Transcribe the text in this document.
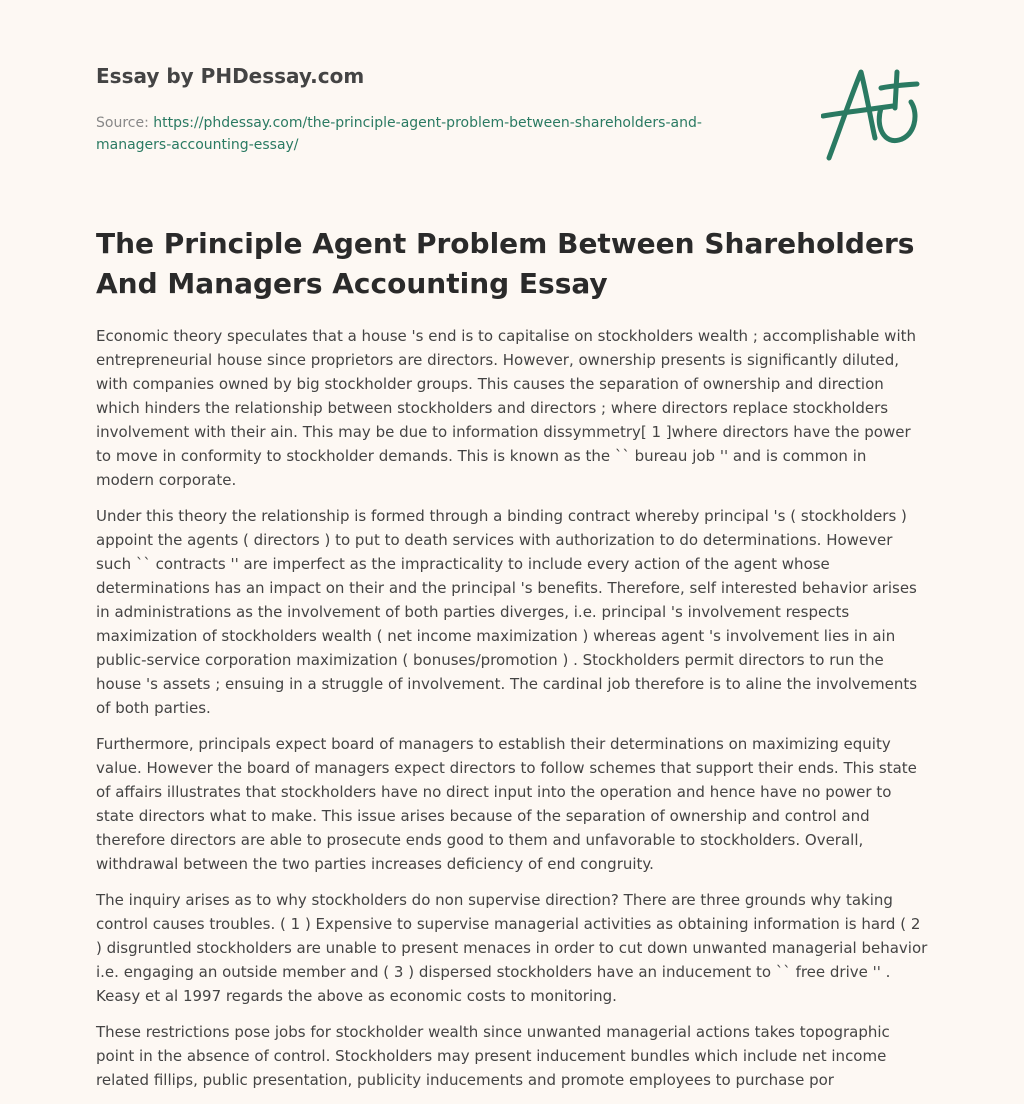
Essay by PHDessay.com
Source: https://phdessay.com/the-principle-agent-problem-between-shareholders-and-managers-accounting-essay/
The Principle Agent Problem Between Shareholders And Managers Accounting Essay

Economic theory speculates that a house 's end is to capitalise on stockholders wealth ; accomplishable with entrepreneurial house since proprietors are directors. However, ownership presents is significantly diluted, with companies owned by big stockholder groups. This causes the separation of ownership and direction which hinders the relationship between stockholders and directors ; where directors replace stockholders involvement with their ain. This may be due to information dissymmetry[ 1 ]where directors have the power to move in conformity to stockholder demands. This is known as the `` bureau job '' and is common in modern corporate.

Under this theory the relationship is formed through a binding contract whereby principal 's ( stockholders ) appoint the agents ( directors ) to put to death services with authorization to do determinations. However such `` contracts '' are imperfect as the impracticality to include every action of the agent whose determinations has an impact on their and the principal 's benefits. Therefore, self interested behavior arises in administrations as the involvement of both parties diverges, i.e. principal 's involvement respects maximization of stockholders wealth ( net income maximization ) whereas agent 's involvement lies in ain public-service corporation maximization ( bonuses/promotion ) . Stockholders permit directors to run the house 's assets ; ensuing in a struggle of involvement. The cardinal job therefore is to aline the involvements of both parties.

Furthermore, principals expect board of managers to establish their determinations on maximizing equity value. However the board of managers expect directors to follow schemes that support their ends. This state of affairs illustrates that stockholders have no direct input into the operation and hence have no power to state directors what to make. This issue arises because of the separation of ownership and control and therefore directors are able to prosecute ends good to them and unfavorable to stockholders. Overall, withdrawal between the two parties increases deficiency of end congruity.

The inquiry arises as to why stockholders do non supervise direction? There are three grounds why taking control causes troubles. ( 1 ) Expensive to supervise managerial activities as obtaining information is hard ( 2 ) disgruntled stockholders are unable to present menaces in order to cut down unwanted managerial behavior i.e. engaging an outside member and ( 3 ) dispersed stockholders have an inducement to `` free drive '' . Keasy et al 1997 regards the above as economic costs to monitoring.

These restrictions pose jobs for stockholder wealth since unwanted managerial actions takes topographic point in the absence of control. Stockholders may present inducement bundles which include net income related fillips, public presentation, publicity inducements and promote employees to purchase por
